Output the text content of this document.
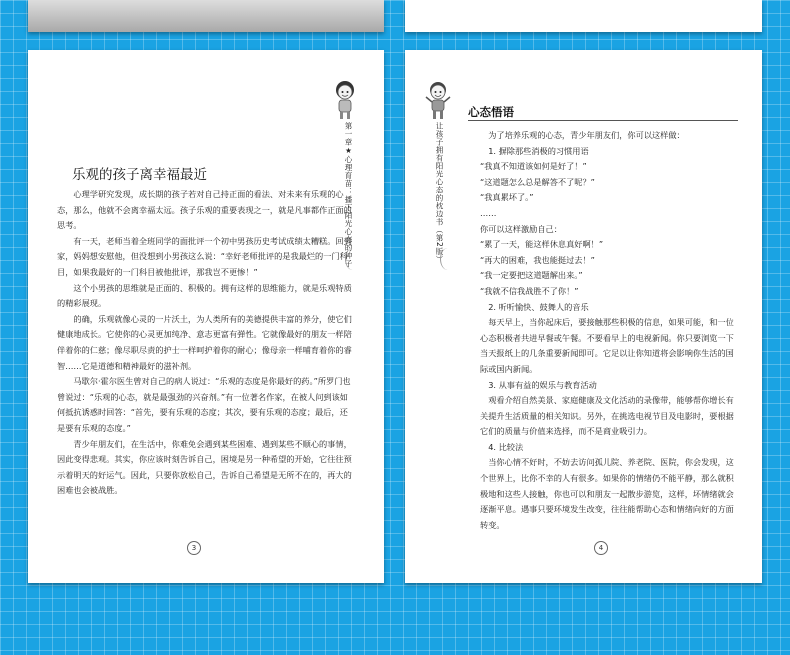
乐观的孩子离幸福最近

心理学研究发现，成长期的孩子若对自己持正面的看法、对未来有乐观的心态，那么，他就不会离幸福太远。孩子乐观的重要表现之一，就是凡事都作正面的思考。

有一天，老师当着全班同学的面批评一个初中男孩历史考试成绩太糟糕。回到家，妈妈想安慰他，但没想到小男孩这么说：“幸好老师批评的是我最烂的一门科目，如果我最好的一门科目被他批评，那我岂不更惨！”

这个小男孩的思维就是正面的、积极的。拥有这样的思维能力，就是乐观特质的精彩展现。

的确，乐观就像心灵的一片沃土，为人类所有的美德提供丰富的养分，使它们健康地成长。它使你的心灵更加纯净、意志更富有弹性。它就像最好的朋友一样陪伴着你的仁慈；像尽职尽责的护士一样呵护着你的耐心；像母亲一样哺育着你的睿智……它是道德和精神最好的滋补剂。

马歇尔·霍尔医生曾对自己的病人说过：“乐观的态度是你最好的药。”所罗门也曾说过：“乐观的心态，就是最强劲的兴奋剂。”有一位著名作家，在被人问到该如何抵抗诱惑时回答：“首先，要有乐观的态度；其次，要有乐观的态度；最后，还是要有乐观的态度。”

青少年朋友们，在生活中，你难免会遇到某些困难、遇到某些不顺心的事情，因此变得悲观。其实，你应该时刻告诉自己，困境是另一种希望的开始，它往往预示着明天的好运气。因此，只要你放松自己，告诉自己希望是无所不在的，再大的困难也会被战胜。

第一章★心理育苗：播下阳光心态的种子
3
心态悟语
让孩子拥有阳光心态的枕边书（第2版）	为了培养乐观的心态，青少年朋友们，你可以这样做：

1. 摒除那些消极的习惯用语

“我真不知道该如何是好了！”

“这道题怎么总是解答不了呢？”

“我真累坏了。”

……

你可以这样激励自己：

“累了一天，能这样休息真好啊！”

“再大的困难，我也能挺过去！”

“我一定要把这道题解出来。”

“我就不信我战胜不了你！”

2. 听听愉快、鼓舞人的音乐

每天早上，当你起床后，要接触那些积极的信息，如果可能，和一位心态积极者共进早餐或午餐。不要看早上的电视新闻。你只要浏览一下当天报纸上的几条重要新闻即可。它足以让你知道将会影响你生活的国际或国内新闻。

3. 从事有益的娱乐与教育活动

观看介绍自然美景、家庭健康及文化活动的录像带，能够帮你增长有关提升生活质量的相关知识。另外，在挑选电视节目及电影时，要根据它们的质量与价值来选择，而不是商业吸引力。

4. 比较法

当你心情不好时，不妨去访问孤儿院、养老院、医院，你会发现，这个世界上，比你不幸的人有很多。如果你的情绪仍不能平静，那么就积极地和这些人接触，你也可以和朋友一起散步游览，这样，坏情绪就会逐渐平息。遇事只要环境发生改变，往往能帮助心态和情绪向好的方面转变。

4
